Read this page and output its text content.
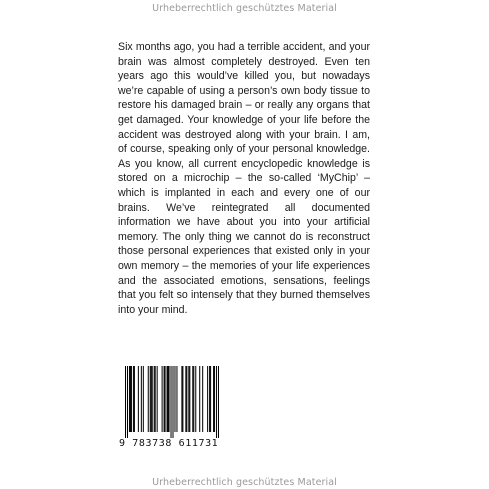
Urheberrechtlich geschütztes Material

Six months ago, you had a terrible accident, and your brain was almost completely destroyed. Even ten years ago this would’ve killed you, but nowadays we’re capable of using a person’s own body tissue to restore his damaged brain – or really any organs that get damaged. Your knowledge of your life before the accident was destroyed along with your brain. I am, of course, speaking only of your personal knowledge. As you know, all current encyclopedic knowledge is stored on a microchip – the so-called ‘MyChip’ – which is implanted in each and every one of our brains. We’ve reintegrated all documented information we have about you into your artificial memory. The only thing we cannot do is reconstruct those personal experiences that existed only in your own memory – the memories of your life experiences and the associated emotions, sensations, feelings that you felt so intensely that they burned themselves into your mind.

9 783738 611731
Urheberrechtlich geschütztes Material
